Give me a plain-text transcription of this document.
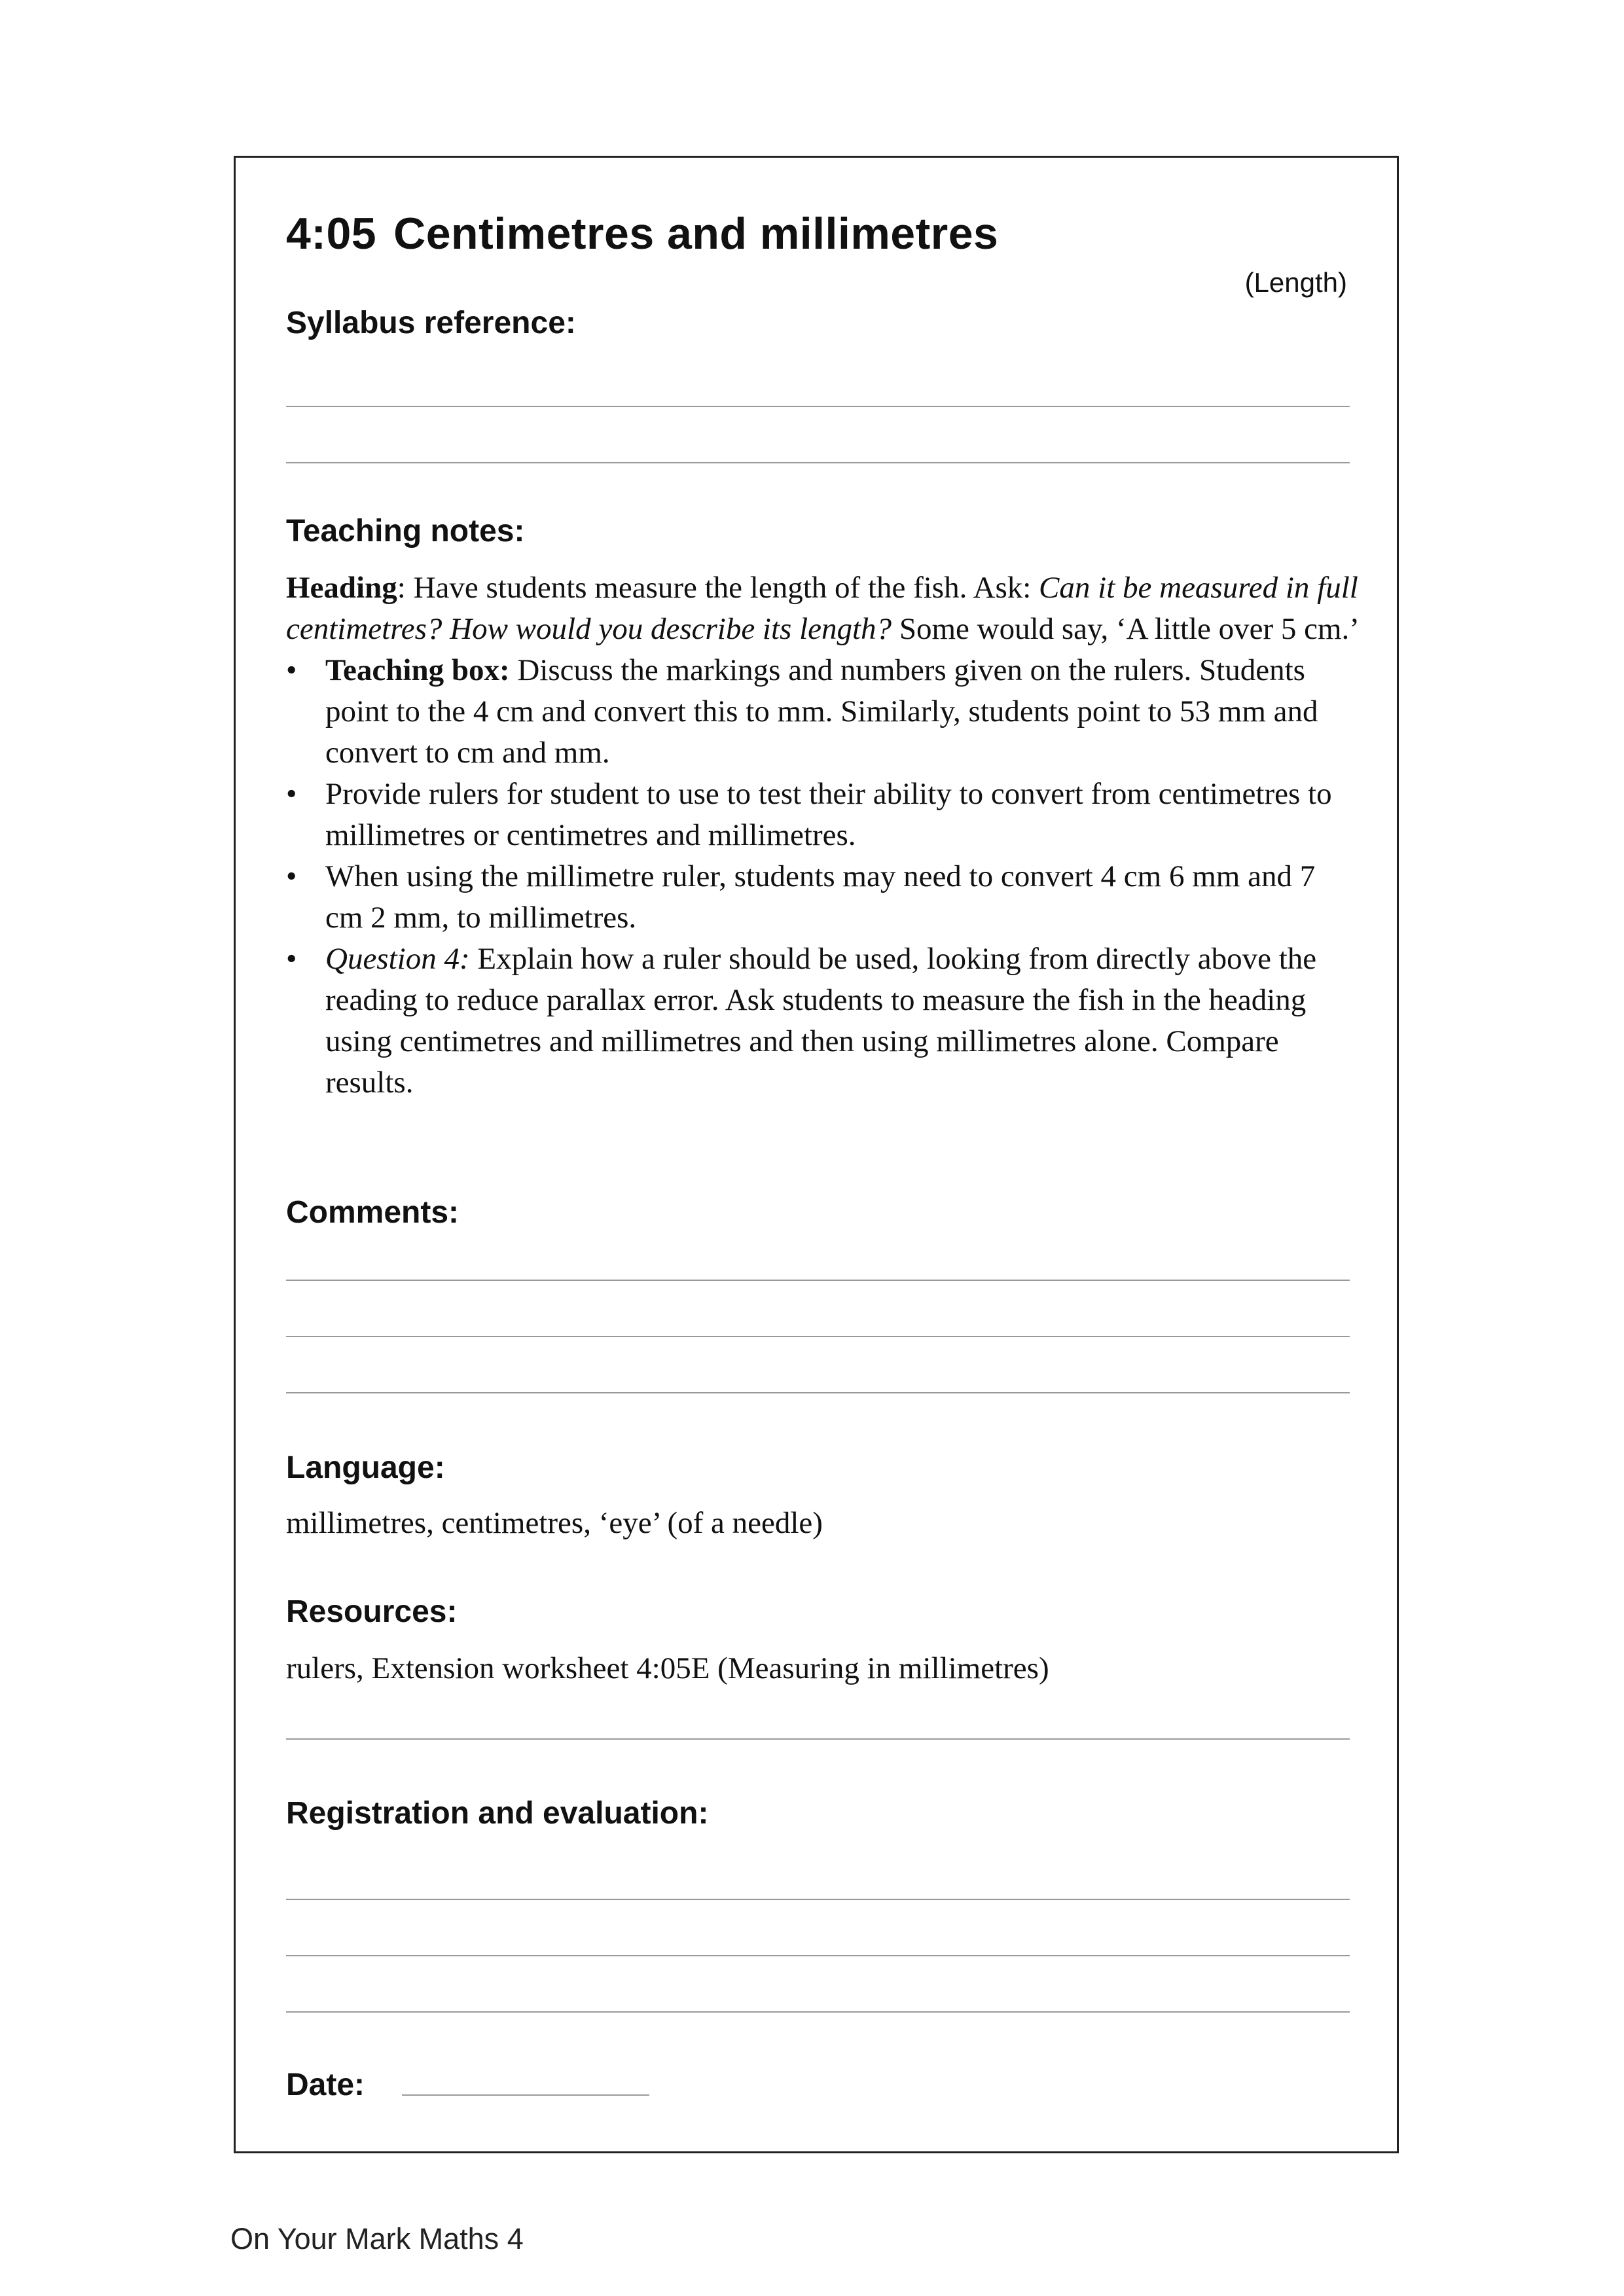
4:05 Centimetres and millimetres
(Length)
Syllabus reference:
Teaching notes:

Heading: Have students measure the length of the fish. Ask: Can it be measured in full centimetres? How would you describe its length? Some would say, ‘A little over 5 cm.’

• Teaching box: Discuss the markings and numbers given on the rulers. Students point to the 4 cm and convert this to mm. Similarly, students point to 53 mm and convert to cm and mm.
• Provide rulers for student to use to test their ability to convert from centimetres to millimetres or centimetres and millimetres.
• When using the millimetre ruler, students may need to convert 4 cm 6 mm and 7 cm 2 mm, to millimetres.
• Question 4: Explain how a ruler should be used, looking from directly above the reading to reduce parallax error. Ask students to measure the fish in the heading using centimetres and millimetres and then using millimetres alone. Compare results.
Comments:
Language:
millimetres, centimetres, ‘eye’ (of a needle)
Resources:
rulers, Extension worksheet 4:05E (Measuring in millimetres)
Registration and evaluation:
Date:
On Your Mark Maths 4
